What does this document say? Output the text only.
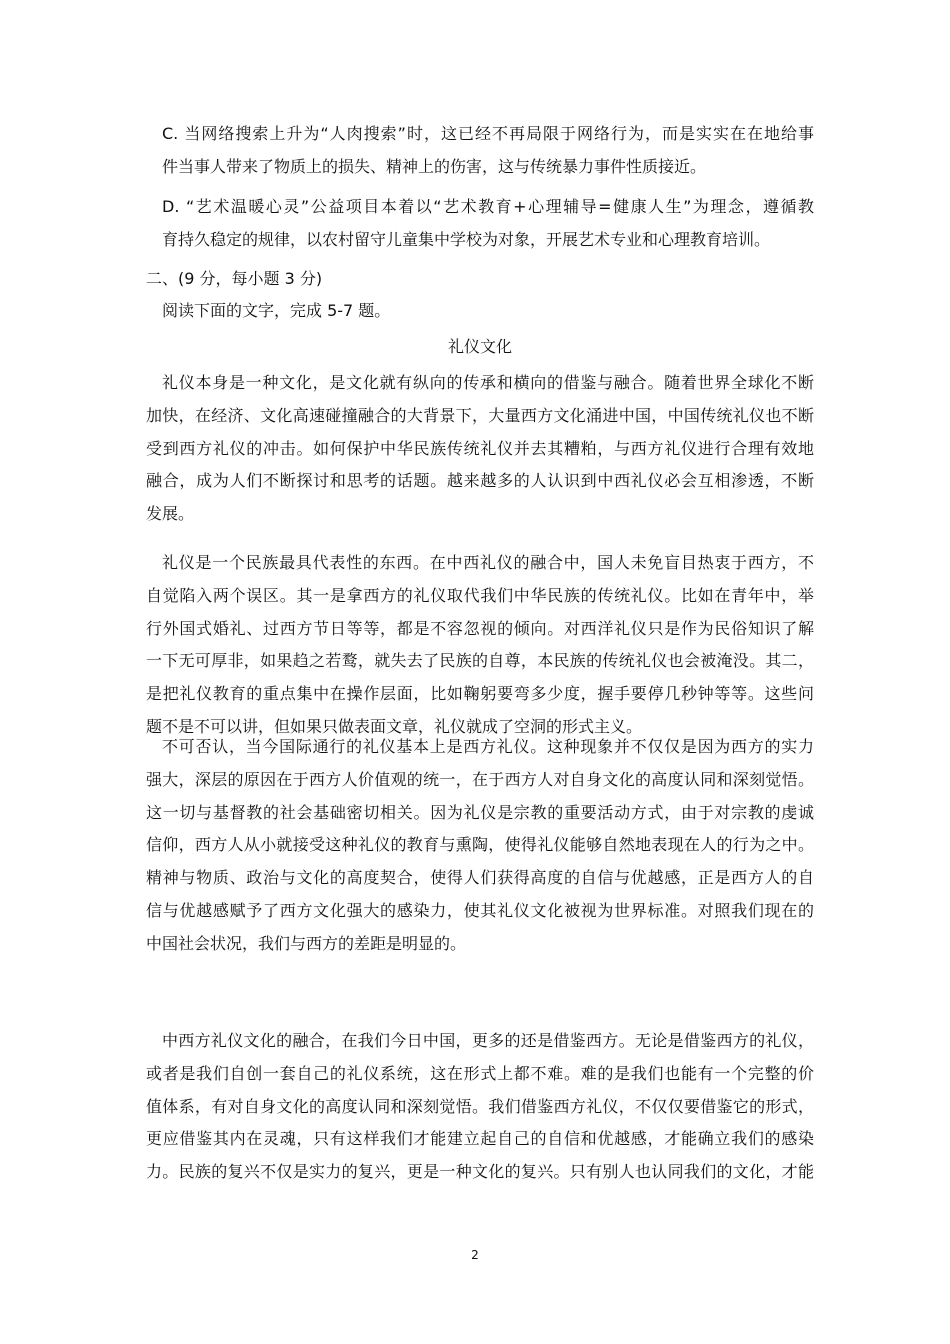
C. 当网络搜索上升为“人肉搜索”时，这已经不再局限于网络行为，而是实实在在地给事
件当事人带来了物质上的损失、精神上的伤害，这与传统暴力事件性质接近。
D. “艺术温暖心灵”公益项目本着以“艺术教育+心理辅导=健康人生”为理念，遵循教
育持久稳定的规律，以农村留守儿童集中学校为对象，开展艺术专业和心理教育培训。
二、(9 分，每小题 3 分)
阅读下面的文字，完成 5-7 题。
礼仪文化
礼仪本身是一种文化，是文化就有纵向的传承和横向的借鉴与融合。随着世界全球化不断
加快，在经济、文化高速碰撞融合的大背景下，大量西方文化涌进中国，中国传统礼仪也不断
受到西方礼仪的冲击。如何保护中华民族传统礼仪并去其糟粕，与西方礼仪进行合理有效地
融合，成为人们不断探讨和思考的话题。越来越多的人认识到中西礼仪必会互相渗透，不断
发展。
礼仪是一个民族最具代表性的东西。在中西礼仪的融合中，国人未免盲目热衷于西方，不
自觉陷入两个误区。其一是拿西方的礼仪取代我们中华民族的传统礼仪。比如在青年中，举
行外国式婚礼、过西方节日等等，都是不容忽视的倾向。对西洋礼仪只是作为民俗知识了解
一下无可厚非，如果趋之若鹜，就失去了民族的自尊，本民族的传统礼仪也会被淹没。其二，
是把礼仪教育的重点集中在操作层面，比如鞠躬要弯多少度，握手要停几秒钟等等。这些问
题不是不可以讲，但如果只做表面文章，礼仪就成了空洞的形式主义。
不可否认，当今国际通行的礼仪基本上是西方礼仪。这种现象并不仅仅是因为西方的实力
强大，深层的原因在于西方人价值观的统一，在于西方人对自身文化的高度认同和深刻觉悟。
这一切与基督教的社会基础密切相关。因为礼仪是宗教的重要活动方式，由于对宗教的虔诚
信仰，西方人从小就接受这种礼仪的教育与熏陶，使得礼仪能够自然地表现在人的行为之中。
精神与物质、政治与文化的高度契合，使得人们获得高度的自信与优越感，正是西方人的自
信与优越感赋予了西方文化强大的感染力，使其礼仪文化被视为世界标准。对照我们现在的
中国社会状况，我们与西方的差距是明显的。
中西方礼仪文化的融合，在我们今日中国，更多的还是借鉴西方。无论是借鉴西方的礼仪，
或者是我们自创一套自己的礼仪系统，这在形式上都不难。难的是我们也能有一个完整的价
值体系，有对自身文化的高度认同和深刻觉悟。我们借鉴西方礼仪，不仅仅要借鉴它的形式，
更应借鉴其内在灵魂，只有这样我们才能建立起自己的自信和优越感，才能确立我们的感染
力。民族的复兴不仅是实力的复兴，更是一种文化的复兴。只有别人也认同我们的文化，才能
2
